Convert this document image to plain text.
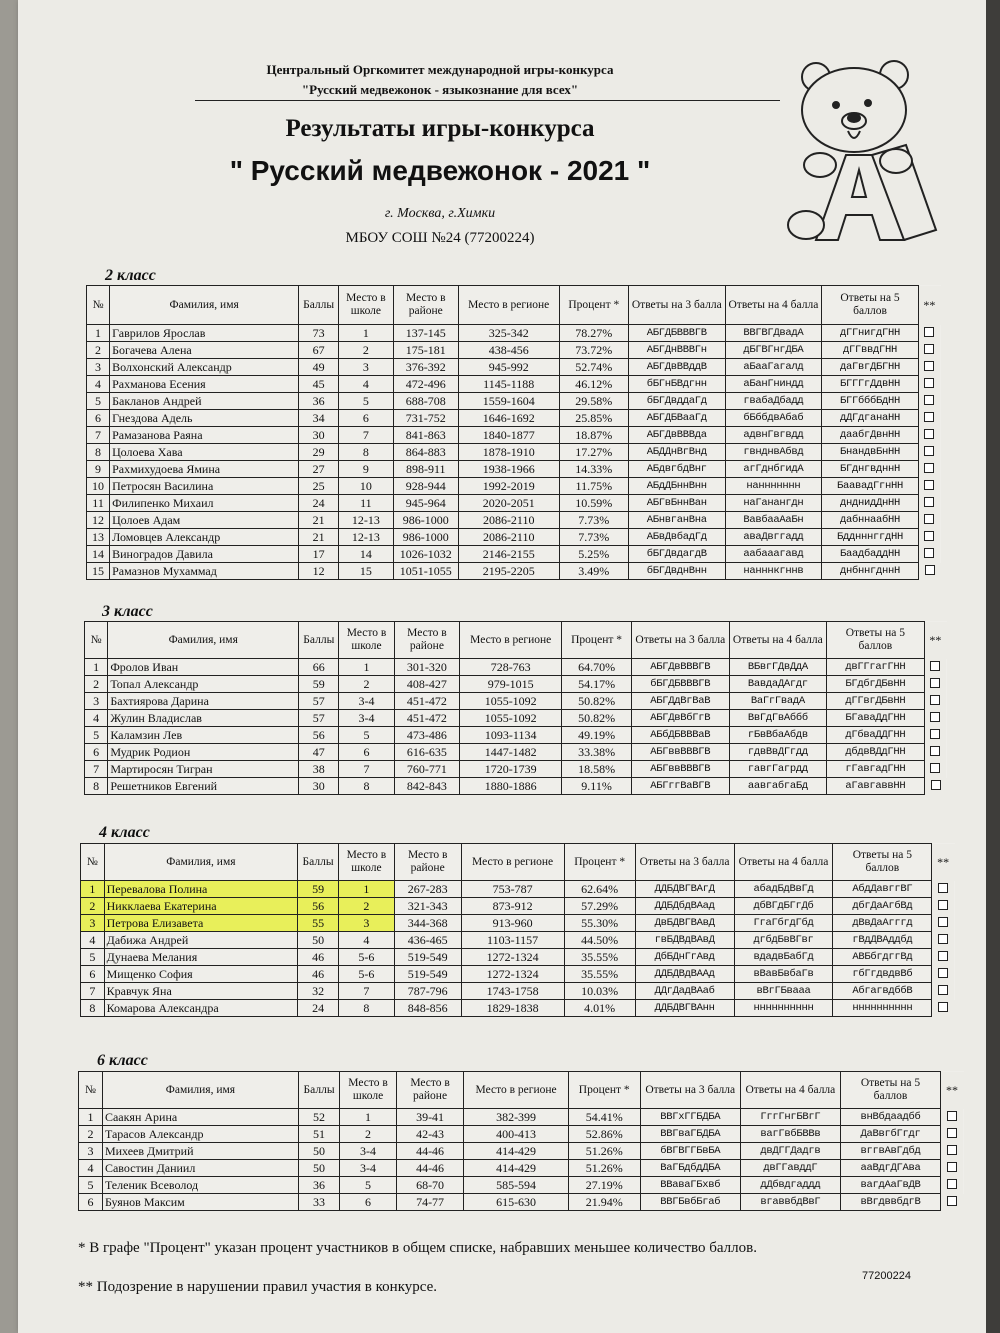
Центральный Оргкомитет международной игры-конкурса
"Русский медвежонок - языкознание для всех"
Результаты игры-конкурса
" Русский медвежонок - 2021 "
г. Москва, г.Химки
МБОУ СОШ №24 (77200224)
2 класс
№	Фамилия, имя	Баллы	Место в школе	Место в районе	Место в регионе	Процент *	Ответы на 3 балла	Ответы на 4 балла	Ответы на 5 баллов	**
1	Гаврилов Ярослав	73	1	137-145	325-342	78.27%	АБГДБВВВГВ	ВВГВГДвадА	дГГнигдГНН	
2	Богачева Алена	67	2	175-181	438-456	73.72%	АБГДнВВВГн	дБГВГнгДБА	дГГввдГНН	
3	Волхонский Александр	49	3	376-392	945-992	52.74%	АБГДвВВддВ	аБааГагалд	даГвгДБГНН	
4	Рахманова Есения	45	4	472-496	1145-1188	46.12%	бБГнБВдгнн	аБанГниндд	БГГГгДдвНН	
5	Бакланов Андрей	36	5	688-708	1559-1604	29.58%	бБГДвддаГд	гвабаДбадд	БГГбббБдНН	
6	Гнездова Адель	34	6	731-752	1646-1692	25.85%	АБГДБВааГд	бБббдвАбаб	дДГдганаНН	
7	Рамазанова Раяна	30	7	841-863	1840-1877	18.87%	АБГДвВВВда	адвнГвгвдд	даабгДвнНН	
8	Цолоева Хава	29	8	864-883	1878-1910	17.27%	АБДДнВгВнд	гвнднвАбвд	БнандвБнНН	
9	Рахмихудоева Ямина	27	9	898-911	1938-1966	14.33%	АБдвгбдВнг	агГднбгидА	БГднгвдннН	
10	Петросян Василина	25	10	928-944	1992-2019	11.75%	АБдДБннВнн	наннннннн	БаавадГгнНН	
11	Филипенко Михаил	24	11	945-964	2020-2051	10.59%	АБГвБннВан	наГанангдн	днднидДнНН	
12	Цолоев Адам	21	12-13	986-1000	2086-2110	7.73%	АБнвганВна	ВавбааАаБн	дабннаабНН	
13	Ломовцев Александр	21	12-13	986-1000	2086-2110	7.73%	АБвДвбадГд	аваДвггадд	БдднннггдНН	
14	Виноградов Давила	17	14	1026-1032	2146-2155	5.25%	бБГДвдагдВ	аабааагавд	БаадбаддНН	
15	Рамазнов Мухаммад	12	15	1051-1055	2195-2205	3.49%	бБГДвднВнн	нанннкгннв	днбннгдннН	
3 класс
№	Фамилия, имя	Баллы	Место в школе	Место в районе	Место в регионе	Процент *	Ответы на 3 балла	Ответы на 4 балла	Ответы на 5 баллов	**
1	Фролов Иван	66	1	301-320	728-763	64.70%	АБГДвВВВГВ	ВБвгГДвДдА	двГГгагГНН	
2	Топал Александр	59	2	408-427	979-1015	54.17%	бБГДБВВВГВ	ВавдаДАгдг	БГдбгДБвНН	
3	Бахтиярова Дарина	57	3-4	451-472	1055-1092	50.82%	АБГДдВгВаВ	ВаГгГвадА	дГГвгДБвНН	
4	Жулин Владислав	57	3-4	451-472	1055-1092	50.82%	АБГДвВбГгВ	ВвГдГвАббб	БГаваДдГНН	
5	Каламзин Лев	56	5	473-486	1093-1134	49.19%	АБбДБВВВаВ	гБвВбаАбдв	дГбваДДГНН	
6	Мудрик Родион	47	6	616-635	1447-1482	33.38%	АБГввВВВГВ	гдвВвДГгдд	дбдвВДдГНН	
7	Мартиросян Тигран	38	7	760-771	1720-1739	18.58%	АБГввВВВГВ	гавгГагрдд	гГавгадГНН	
8	Решетников Евгений	30	8	842-843	1880-1886	9.11%	АБГггВаВГВ	аавгабгаБд	аГавгаввНН	
4 класс
№	Фамилия, имя	Баллы	Место в школе	Место в районе	Место в регионе	Процент *	Ответы на 3 балла	Ответы на 4 балла	Ответы на 5 баллов	**
1	Перевалова Полина	59	1	267-283	753-787	62.64%	ДДБДВГВАгД	абадБдВвГд	АбдДавггВГ	
2	Никклаева Екатерина	56	2	321-343	873-912	57.29%	ДДБДбдВАад	дбВГдБГгДб	дбгДаАгбВд	
3	Петрова Елизавета	55	3	344-368	913-960	55.30%	ДвБДВГВАвД	ГгаГбгдГбд	дВвДаАгггд	
4	Дабижа Андрей	50	4	436-465	1103-1157	44.50%	гвБДВдВАвД	дгбдБвВГвг	гВдДВАддбд	
5	Дунаева Мелания	46	5-6	519-549	1272-1324	35.55%	ДбБДнГгАвд	вдадвБабГд	АВБбгдггВд	
6	Мищенко София	46	5-6	519-549	1272-1324	35.55%	ДДБДВдВААд	вВавБвбаГв	гбГгдвдвВб	
7	Кравчук Яна	32	7	787-796	1743-1758	10.03%	ДДгДадВАаб	вВгГБвааа	АбгагвдббВ	
8	Комарова Александра	24	8	848-856	1829-1838	4.01%	ДДБДВГВАнн	нннннннннн	нннннннннн	
6 класс
№	Фамилия, имя	Баллы	Место в школе	Место в районе	Место в регионе	Процент *	Ответы на 3 балла	Ответы на 4 балла	Ответы на 5 баллов	**
1	Саакян Арина	52	1	39-41	382-399	54.41%	ВВГхГГБДБА	ГггГнгБВгГ	внВбдаадбб	
2	Тарасов Александр	51	2	42-43	400-413	52.86%	ВВГваГБДБА	вагГвбБВВв	ДаВвгбГгдг	
3	Михеев Дмитрий	50	3-4	44-46	414-429	51.26%	бВГВГГБвБА	двДГГДадгв	вггвАвГдбд	
4	Савостин Даниил	50	3-4	44-46	414-429	51.26%	ВаГБдбдДБА	двГГавддГ	ааВдгДГАва	
5	Теленик Всеволод	36	5	68-70	585-594	27.19%	ВВаваГБхвб	дДбвдгаддд	вагдАаГвДВ	
6	Буянов Максим	33	6	74-77	615-630	21.94%	ВВГБвбБгаб	вгаввбдВвГ	вВгдввбдгВ	
* В графе "Процент" указан процент участников в общем списке, набравших меньшее количество баллов.
** Подозрение в нарушении правил участия в конкурсе.
77200224
